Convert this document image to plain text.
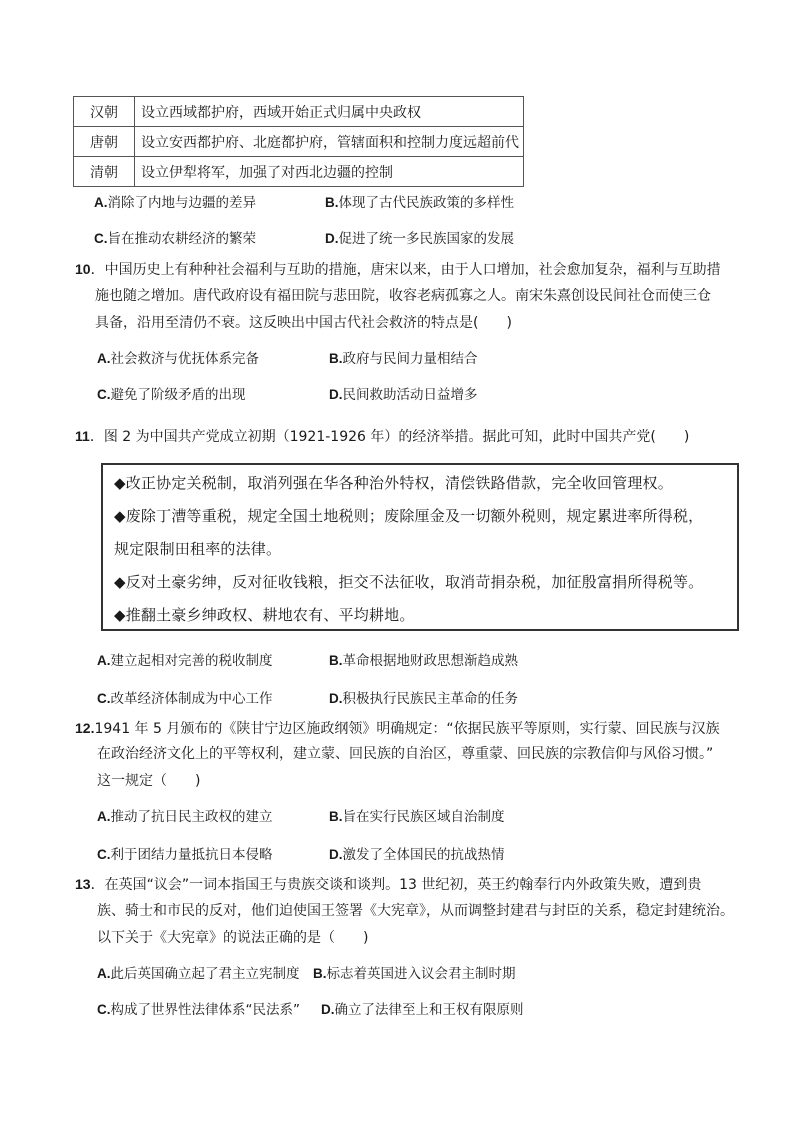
汉朝	设立西域都护府，西域开始正式归属中央政权
唐朝	设立安西都护府、北庭都护府，管辖面积和控制力度远超前代
清朝	设立伊犁将军，加强了对西北边疆的控制
A.消除了内地与边疆的差异	B.体现了古代民族政策的多样性
C.旨在推动农耕经济的繁荣	D.促进了统一多民族国家的发展
10．中国历史上有种种社会福利与互助的措施，唐宋以来，由于人口增加，社会愈加复杂，福利与互助措
施也随之增加。唐代政府设有福田院与悲田院，收容老病孤寡之人。南宋朱熹创设民间社仓而使三仓
具备，沿用至清仍不衰。这反映出中国古代社会救济的特点是(　　)
A.社会救济与优抚体系完备	B.政府与民间力量相结合
C.避免了阶级矛盾的出现	D.民间救助活动日益增多
11．图 2 为中国共产党成立初期（1921-1926 年）的经济举措。据此可知，此时中国共产党(　　)
◆改正协定关税制，取消列强在华各种治外特权，清偿铁路借款，完全收回管理权。
◆废除丁漕等重税，规定全国土地税则；废除厘金及一切额外税则，规定累进率所得税，
规定限制田租率的法律。
◆反对土豪劣绅，反对征收钱粮，拒交不法征收，取消苛捐杂税，加征殷富捐所得税等。
◆推翻土豪乡绅政权、耕地农有、平均耕地。
A.建立起相对完善的税收制度	B.革命根据地财政思想渐趋成熟
C.改革经济体制成为中心工作	D.积极执行民族民主革命的任务
12.1941 年 5 月颁布的《陕甘宁边区施政纲领》明确规定：“依据民族平等原则，实行蒙、回民族与汉族
在政治经济文化上的平等权利，建立蒙、回民族的自治区，尊重蒙、回民族的宗教信仰与风俗习惯。”
这一规定（　　)
A.推动了抗日民主政权的建立	B.旨在实行民族区域自治制度
C.利于团结力量抵抗日本侵略	D.激发了全体国民的抗战热情
13．在英国“议会”一词本指国王与贵族交谈和谈判。13 世纪初，英王约翰奉行内外政策失败，遭到贵
族、骑士和市民的反对，他们迫使国王签署《大宪章》，从而调整封建君与封臣的关系，稳定封建统治。
以下关于《大宪章》的说法正确的是（　　)
A.此后英国确立起了君主立宪制度 B.标志着英国进入议会君主制时期
C.构成了世界性法律体系“民法系” D.确立了法律至上和王权有限原则
